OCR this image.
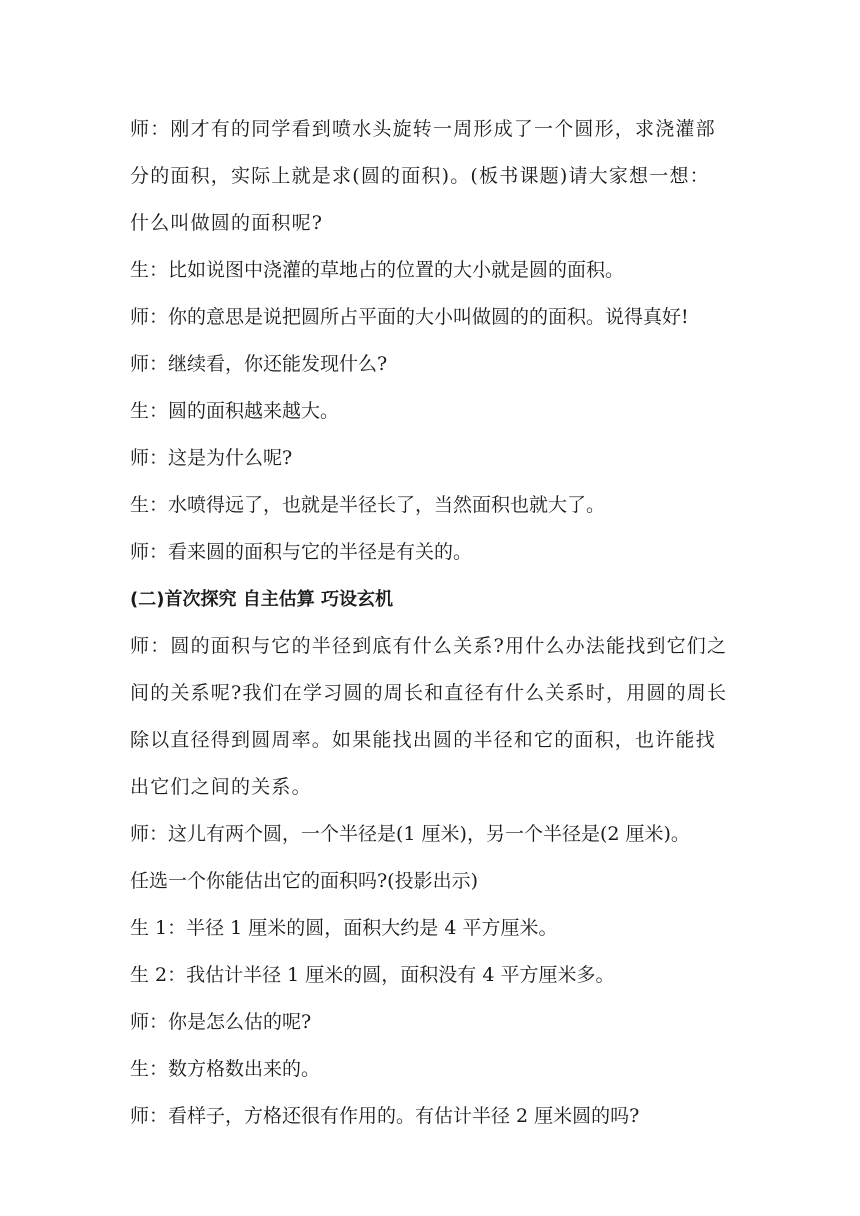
师：刚才有的同学看到喷水头旋转一周形成了一个圆形，求浇灌部分的面积，实际上就是求(圆的面积)。(板书课题)请大家想一想：什么叫做圆的面积呢?

生：比如说图中浇灌的草地占的位置的大小就是圆的面积。

师：你的意思是说把圆所占平面的大小叫做圆的的面积。说得真好!

师：继续看，你还能发现什么?

生：圆的面积越来越大。

师：这是为什么呢?

生：水喷得远了，也就是半径长了，当然面积也就大了。

师：看来圆的面积与它的半径是有关的。

(二)首次探究 自主估算 巧设玄机

师：圆的面积与它的半径到底有什么关系?用什么办法能找到它们之间的关系呢?我们在学习圆的周长和直径有什么关系时，用圆的周长除以直径得到圆周率。如果能找出圆的半径和它的面积，也许能找出它们之间的关系。

师：这儿有两个圆，一个半径是(1 厘米)，另一个半径是(2 厘米)。

任选一个你能估出它的面积吗?(投影出示)

生 1：半径 1 厘米的圆，面积大约是 4 平方厘米。

生 2：我估计半径 1 厘米的圆，面积没有 4 平方厘米多。

师：你是怎么估的呢?

生：数方格数出来的。

师：看样子，方格还很有作用的。有估计半径 2 厘米圆的吗?
